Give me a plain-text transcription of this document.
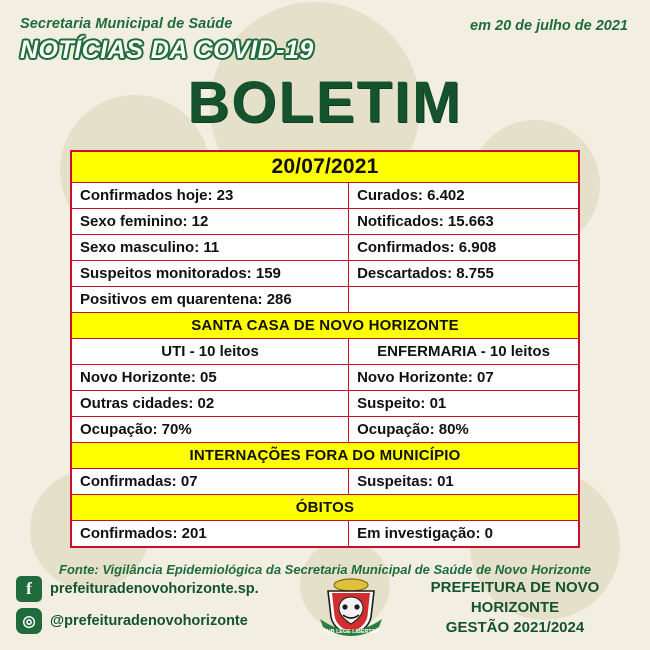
Secretaria Municipal de Saúde	em 20 de julho de 2021
NOTÍCIAS DA COVID-19
BOLETIM
20/07/2021	
Confirmados hoje: 23	Curados: 6.402
Sexo feminino: 12	Notificados: 15.663
Sexo masculino: 11	Confirmados: 6.908
Suspeitos monitorados: 159	Descartados: 8.755
Positivos em quarentena: 286	
SANTA CASA DE NOVO HORIZONTE	
UTI - 10 leitos	ENFERMARIA - 10 leitos
Novo Horizonte: 05	Novo Horizonte: 07
Outras cidades: 02	Suspeito: 01
Ocupação: 70%	Ocupação: 80%
INTERNAÇÕES FORA DO MUNICÍPIO	
Confirmadas: 07	Suspeitas: 01
ÓBITOS	
Confirmados: 201	Em investigação: 0
Fonte: Vigilância Epidemiológica da Secretaria Municipal de Saúde de Novo Horizonte
f	prefeituradenovohorizonte.sp.
◎ @prefeituradenovohorizonte
SUB LEGE LIBERTAS
PREFEITURA DE NOVO HORIZONTE
GESTÃO 2021/2024
